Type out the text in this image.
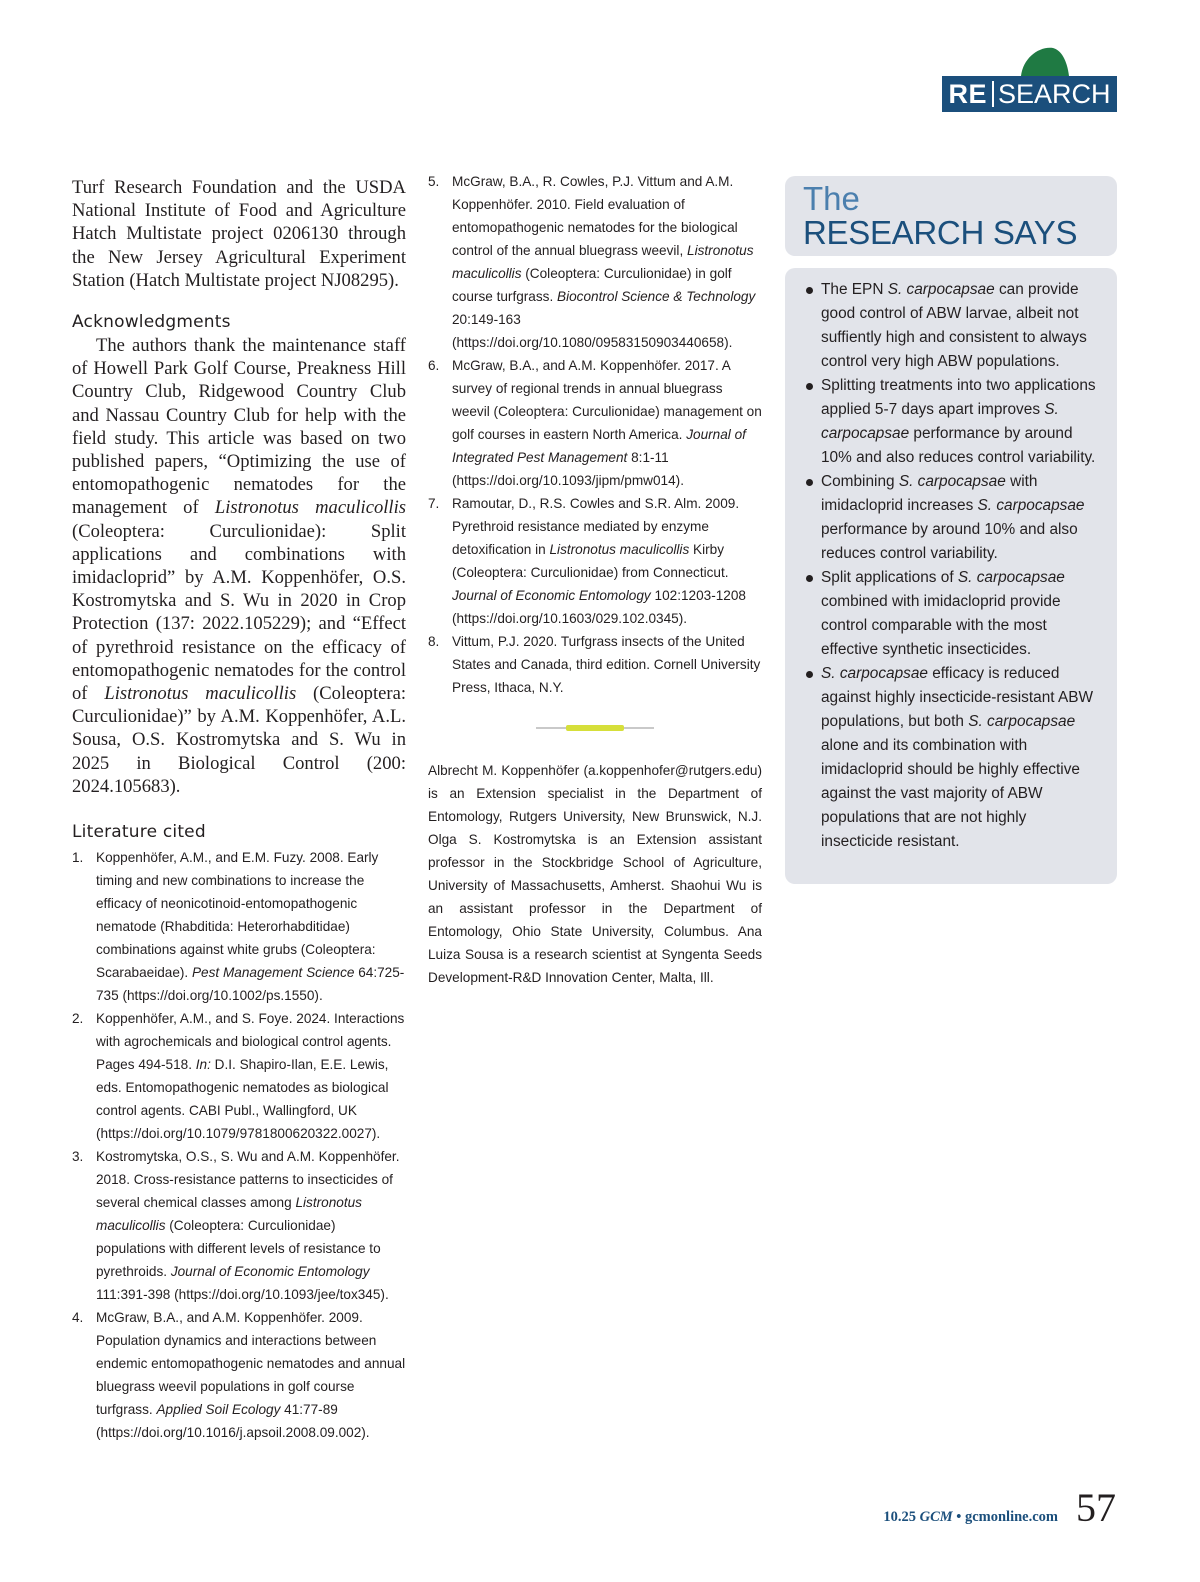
RE SEARCH

Turf Research Foundation and the USDA National Institute of Food and Agriculture Hatch Multistate project 0206130 through the New Jersey Agricultural Experiment Station (Hatch Multistate project NJ08295).

Acknowledgments

The authors thank the maintenance staff of Howell Park Golf Course, Preakness Hill Country Club, Ridgewood Country Club and Nassau Country Club for help with the field study. This article was based on two published papers, “Optimizing the use of entomopathogenic nematodes for the management of Listronotus maculicollis (Coleoptera: Curculionidae): Split applications and combinations with imidacloprid” by A.M. Koppenhöfer, O.S. Kostromytska and S. Wu in 2020 in Crop Protection (137: 2022.105229); and “Effect of pyrethroid resistance on the efficacy of entomopathogenic nematodes for the control of Listronotus maculicollis (Coleoptera: Curculionidae)” by A.M. Koppenhöfer, A.L. Sousa, O.S. Kostromytska and S. Wu in 2025 in Biological Control (200: 2024.105683).

Literature cited
1. Koppenhöfer, A.M., and E.M. Fuzy. 2008. Early timing and new combinations to increase the efficacy of neonicotinoid-entomopathogenic nematode (Rhabditida: Heterorhabditidae) combinations against white grubs (Coleoptera: Scarabaeidae). Pest Management Science 64:725-735 (https://doi.org/10.1002/ps.1550).
2. Koppenhöfer, A.M., and S. Foye. 2024. Interactions with agrochemicals and biological control agents. Pages 494-518. In: D.I. Shapiro-Ilan, E.E. Lewis, eds. Entomopathogenic nematodes as biological control agents. CABI Publ., Wallingford, UK (https://doi.org/10.1079/9781800620322.0027).
3. Kostromytska, O.S., S. Wu and A.M. Koppenhöfer. 2018. Cross-resistance patterns to insecticides of several chemical classes among Listronotus maculicollis (Coleoptera: Curculionidae) populations with different levels of resistance to pyrethroids. Journal of Economic Entomology 111:391-398 (https://doi.org/10.1093/jee/tox345).
4. McGraw, B.A., and A.M. Koppenhöfer. 2009. Population dynamics and interactions between endemic entomopathogenic nematodes and annual bluegrass weevil populations in golf course turfgrass. Applied Soil Ecology 41:77-89 (https://doi.org/10.1016/j.apsoil.2008.09.002).
5. McGraw, B.A., R. Cowles, P.J. Vittum and A.M. Koppenhöfer. 2010. Field evaluation of entomopathogenic nematodes for the biological control of the annual bluegrass weevil, Listronotus maculicollis (Coleoptera: Curculionidae) in golf course turfgrass. Biocontrol Science & Technology 20:149-163 (https://doi.org/10.1080/09583150903440658).
6. McGraw, B.A., and A.M. Koppenhöfer. 2017. A survey of regional trends in annual bluegrass weevil (Coleoptera: Curculionidae) management on golf courses in eastern North America. Journal of Integrated Pest Management 8:1-11 (https://doi.org/10.1093/jipm/pmw014).
7. Ramoutar, D., R.S. Cowles and S.R. Alm. 2009. Pyrethroid resistance mediated by enzyme detoxification in Listronotus maculicollis Kirby (Coleoptera: Curculionidae) from Connecticut. Journal of Economic Entomology 102:1203-1208 (https://doi.org/10.1603/029.102.0345).
8. Vittum, P.J. 2020. Turfgrass insects of the United States and Canada, third edition. Cornell University Press, Ithaca, N.Y.

Albrecht M. Koppenhöfer (a.koppenhofer@rutgers.edu) is an Extension specialist in the Department of Entomology, Rutgers University, New Brunswick, N.J. Olga S. Kostromytska is an Extension assistant professor in the Stockbridge School of Agriculture, University of Massachusetts, Amherst. Shaohui Wu is an assistant professor in the Department of Entomology, Ohio State University, Columbus. Ana Luiza Sousa is a research scientist at Syngenta Seeds Development-R&D Innovation Center, Malta, Ill.

The
RESEARCH SAYS
The EPN S. carpocapsae can provide good control of ABW larvae, albeit not suffiently high and consistent to always control very high ABW populations.
Splitting treatments into two applications applied 5-7 days apart improves S. carpocapsae performance by around 10% and also reduces control variability.
Combining S. carpocapsae with imidacloprid increases S. carpocapsae performance by around 10% and also reduces control variability.
Split applications of S. carpocapsae combined with imidacloprid provide control comparable with the most effective synthetic insecticides.
S. carpocapsae efficacy is reduced against highly insecticide-resistant ABW populations, but both S. carpocapsae alone and its combination with imidacloprid should be highly effective against the vast majority of ABW populations that are not highly insecticide resistant.
10.25 GCM • gcmonline.com 57
